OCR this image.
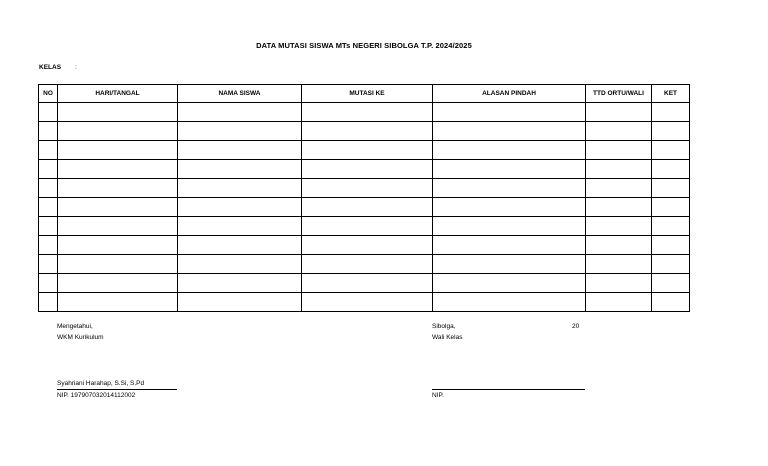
DATA MUTASI SISWA MTs NEGERI SIBOLGA T.P. 2024/2025
KELAS :
NO	HARI/TANGAL	NAMA SISWA	MUTASI KE	ALASAN PINDAH	TTD ORTU/WALI	KET

Mengetahui,
WKM Kurikulum
Syahriani Harahap, S.Si, S.Pd
NIP. 197907032014112002
Sibolga,	20
Wali Kelas
NIP.
